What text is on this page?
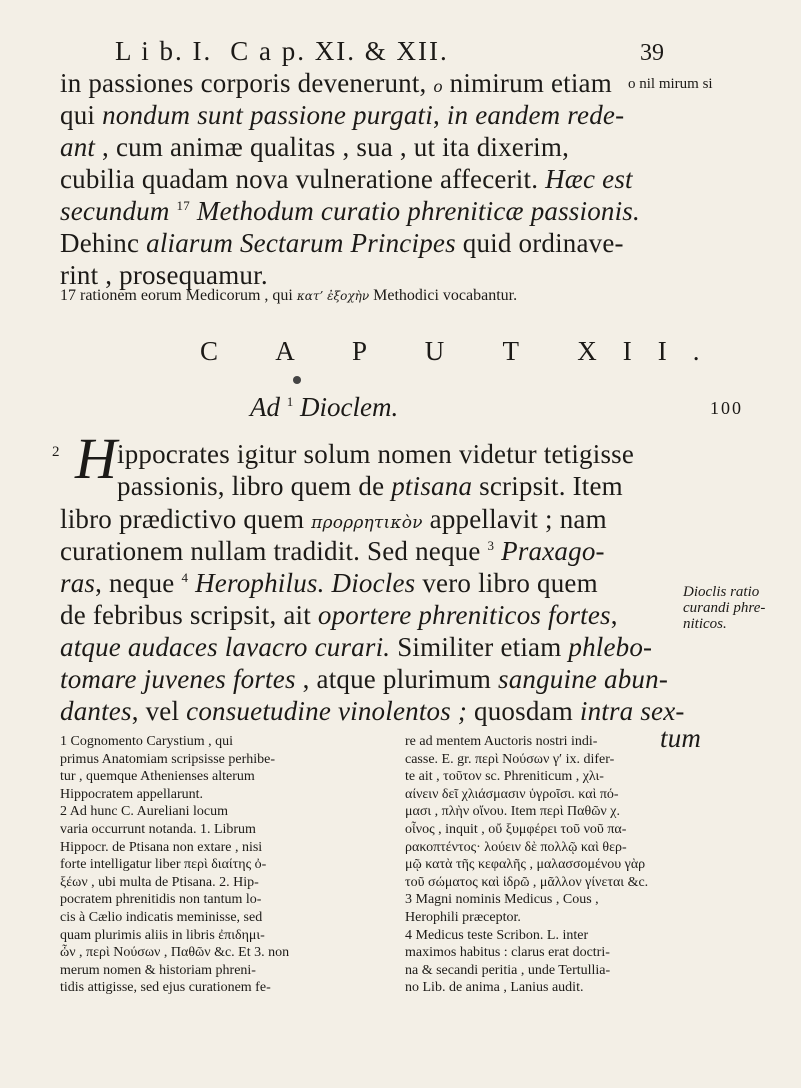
L i b. I. C a p. XI. & XII.	39
in passiones corporis devenerunt, ο nimirum etiam o nil mirum si
qui nondum sunt passione purgati, in eandem rede-
ant , cum animæ qualitas , sua , ut ita dixerim,
cubilia quadam nova vulneratione affecerit. Hæc est
secundum $^{17}$ Methodum curatio phreniticæ passionis.
Dehinc aliarum Sectarum Principes quid ordinave-
rint , prosequamur.
17 rationem eorum Medicorum , qui κατ’ ἐξοχὴν Methodici vocabantur.
C A P U T XII.
Ad $^1$ Dioclem.	100
2 H ippocrates igitur solum nomen videtur tetigisse
passionis, libro quem de ptisana scripsit. Item
libro prædictivo quem προρρητικὸν appellavit ; nam
curationem nullam tradidit. Sed neque $^3$ Praxago-
ras, neque $^4$ Herophilus. Diocles vero libro quem
de febribus scripsit, ait oportere phreniticos fortes,
atque audaces lavacro curari. Similiter etiam phlebo-
tomare juvenes fortes , atque plurimum sanguine abun-
dantes, vel consuetudine vinolentos ; quosdam intra sex-
tum
Dioclis ratio
curandi phre-
niticos.
1 Cognomento Carystium , qui
primus Anatomiam scripsisse perhibe-
tur , quemque Athenienses alterum
Hippocratem appellarunt.
2 Ad hunc C. Aureliani locum
varia occurrunt notanda. 1. Librum
Hippocr. de Ptisana non extare , nisi
forte intelligatur liber περὶ διαίτης ὀ-
ξέων , ubi multa de Ptisana. 2. Hip-
pocratem phrenitidis non tantum lo-
cis à Cælio indicatis meminisse, sed
quam plurimis aliis in libris ἐπιδημι-
ὦν , περὶ Νούσων , Παθῶν &c. Et 3. non
merum nomen & historiam phreni-
tidis attigisse, sed ejus curationem fe-
re ad mentem Auctoris nostri indi-
casse. E. gr. περὶ Νούσων γ′ ix. difer-
te ait , τοῦτον sc. Phreniticum , χλι-
αίνειν δεῖ χλιάσμασιν ὑγροῖσι. καὶ πό-
μασι , πλὴν οἴνου. Item περὶ Παθῶν χ.
οἶνος , inquit , οὔ ξυμφέρει τοῦ νοῦ πα-
ρακοπτέντος· λούειν δὲ πολλῷ καὶ θερ-
μῷ κατὰ τῆς κεφαλῆς , μαλασσομένου γὰρ
τοῦ σώματος καὶ ἱδρῶ , μᾶλλον γίνεται &c.
3 Magni nominis Medicus , Cous ,
Herophili præceptor.
4 Medicus teste Scribon. L. inter
maximos habitus : clarus erat doctri-
na & secandi peritia , unde Tertullia-
no Lib. de anima , Lanius audit.
